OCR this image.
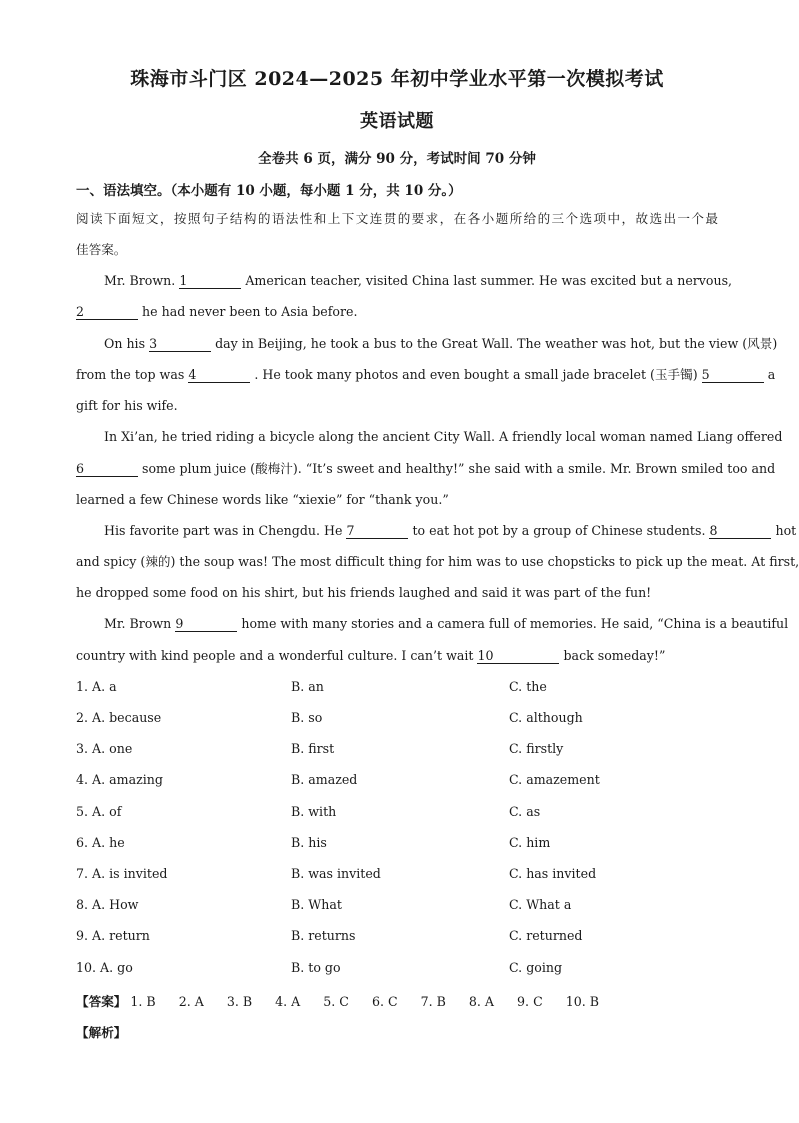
珠海市斗门区 2024—2025 年初中学业水平第一次模拟考试
英语试题
全卷共 6 页，满分 90 分，考试时间 70 分钟
一、语法填空。（本小题有 10 小题，每小题 1 分，共 10 分。）
阅读下面短文，按照句子结构的语法性和上下文连贯的要求，在各小题所给的三个选项中，故选出一个最
佳答案。
Mr. Brown. 1	American teacher, visited China last summer. He was excited but a nervous,
2	he had never been to Asia before.
On his 3	day in Beijing, he took a bus to the Great Wall. The weather was hot, but the view (风景)
from the top was 4	. He took many photos and even bought a small jade bracelet (玉手镯) 5	a
gift for his wife.
In Xi’an, he tried riding a bicycle along the ancient City Wall. A friendly local woman named Liang offered
6	some plum juice (酸梅汁). “It’s sweet and healthy!” she said with a smile. Mr. Brown smiled too and
learned a few Chinese words like “xiexie” for “thank you.”
His favorite part was in Chengdu. He 7	to eat hot pot by a group of Chinese students. 8	hot
and spicy (辣的) the soup was! The most difficult thing for him was to use chopsticks to pick up the meat. At first,
he dropped some food on his shirt, but his friends laughed and said it was part of the fun!
Mr. Brown 9	home with many stories and a camera full of memories. He said, “China is a beautiful
country with kind people and a wonderful culture. I can’t wait 10	back someday!”
1. A. a	B. an	C. the
2. A. because	B. so	C. although
3. A. one	B. first	C. firstly
4. A. amazing	B. amazed	C. amazement
5. A. of	B. with	C. as
6. A. he	B. his	C. him
7. A. is invited	B. was invited	C. has invited
8. A. How	B. What	C. What a
9. A. return	B. returns	C. returned
10. A. go	B. to go	C. going
【答案】 1. B 2. A 3. B 4. A 5. C 6. C 7. B 8. A 9. C 10. B
【解析】
